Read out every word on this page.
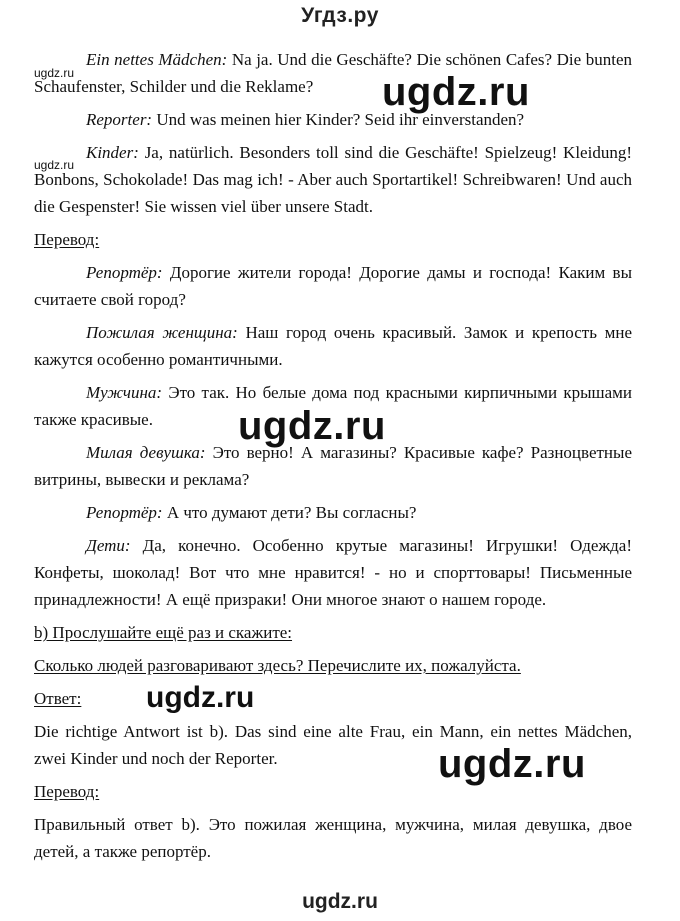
Угдз.ру

Ein nettes Mädchen: Na ja. Und die Geschäfte? Die schönen Cafes? Die bunten Schaufenster, Schilder und die Reklame?

Reporter: Und was meinen hier Kinder? Seid ihr einverstanden?

Kinder: Ja, natürlich. Besonders toll sind die Geschäfte! Spielzeug! Kleidung! Bonbons, Schokolade! Das mag ich! - Aber auch Sportartikel! Schreibwaren! Und auch die Gespenster! Sie wissen viel über unsere Stadt.

Перевод:

Репортёр: Дорогие жители города! Дорогие дамы и господа! Каким вы считаете свой город?

Пожилая женщина: Наш город очень красивый. Замок и крепость мне кажутся особенно романтичными.

Мужчина: Это так. Но белые дома под красными кирпичными крышами также красивые.

Милая девушка: Это верно! А магазины? Красивые кафе? Разноцветные витрины, вывески и реклама?

Репортёр: А что думают дети? Вы согласны?

Дети: Да, конечно. Особенно крутые магазины! Игрушки! Одежда! Конфеты, шоколад! Вот что мне нравится! - но и спорттовары! Письменные принадлежности! А ещё призраки! Они многое знают о нашем городе.

b) Прослушайте ещё раз и скажите:

Сколько людей разговаривают здесь? Перечислите их, пожалуйста.

Ответ:

Die richtige Antwort ist b). Das sind eine alte Frau, ein Mann, ein nettes Mädchen, zwei Kinder und noch der Reporter.

Перевод:

Правильный ответ b). Это пожилая женщина, мужчина, милая девушка, двое детей, а также репортёр.

ugdz.ru	ugdz.ru
ugdz.ru
ugdz.ru
ugdz.ru
ugdz.ru
ugdz.ru
